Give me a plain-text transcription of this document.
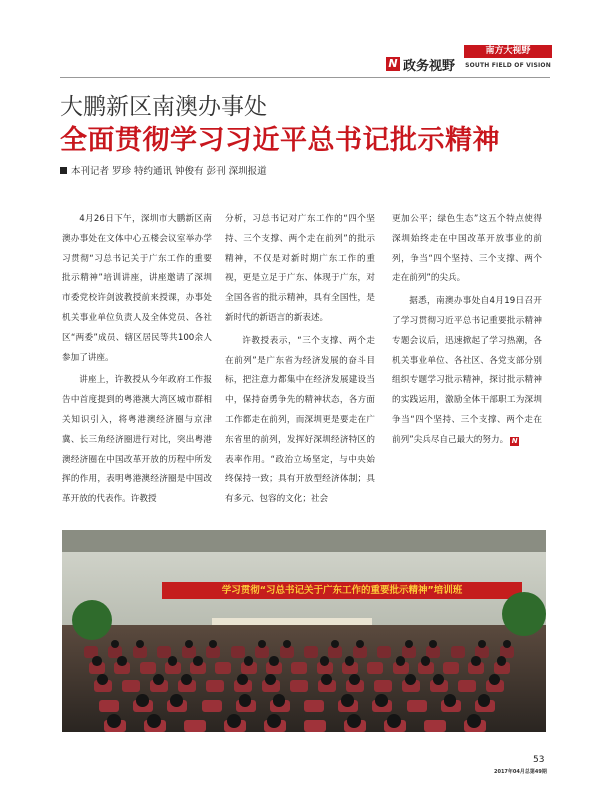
N 政务视野
南方大视野
SOUTH FIELD OF VISION
大鹏新区南澳办事处
全面贯彻学习习近平总书记批示精神
本刊记者 罗珍 特约通讯 钟俊有 彭刊 深圳报道

4月26日下午，深圳市大鹏新区南澳办事处在文体中心五楼会议室举办学习贯彻“习总书记关于广东工作的重要批示精神”培训讲座，讲座邀请了深圳市委党校许剑波教授前来授课，办事处机关事业单位负责人及全体党员、各社区“两委”成员、辖区居民等共100余人参加了讲座。

讲座上，许教授从今年政府工作报告中首度提到的粤港澳大湾区城市群相关知识引入，将粤港澳经济圈与京津冀、长三角经济圈进行对比，突出粤港澳经济圈在中国改革开放的历程中所发挥的作用，表明粤港澳经济圈是中国改革开放的代表作。许教授

分析，习总书记对广东工作的“四个坚持、三个支撑、两个走在前列”的批示精神，不仅是对新时期广东工作的重视，更是立足于广东、体现于广东，对全国各省的批示精神，具有全国性，是新时代的新语言的新表述。

许教授表示，“三个支撑、两个走在前列”是广东省为经济发展的奋斗目标，把注意力都集中在经济发展建设当中，保持奋勇争先的精神状态，各方面工作都走在前列，而深圳更是要走在广东省里的前列，发挥好深圳经济特区的表率作用。“政治立场坚定，与中央始终保持一致；具有开放型经济体制；具有多元、包容的文化；社会

更加公平；绿色生态”这五个特点使得深圳始终走在中国改革开放事业的前列，争当“四个坚持、三个支撑、两个走在前列”的尖兵。

据悉，南澳办事处自4月19日召开了学习贯彻习近平总书记重要批示精神专题会议后，迅速掀起了学习热潮，各机关事业单位、各社区、各党支部分别组织专题学习批示精神，探讨批示精神的实践运用，激励全体干部职工为深圳争当“四个坚持、三个支撑、两个走在前列”尖兵尽自己最大的努力。 N

学习贯彻“习总书记关于广东工作的重要批示精神”培训班
53
2017年04月总第49期
